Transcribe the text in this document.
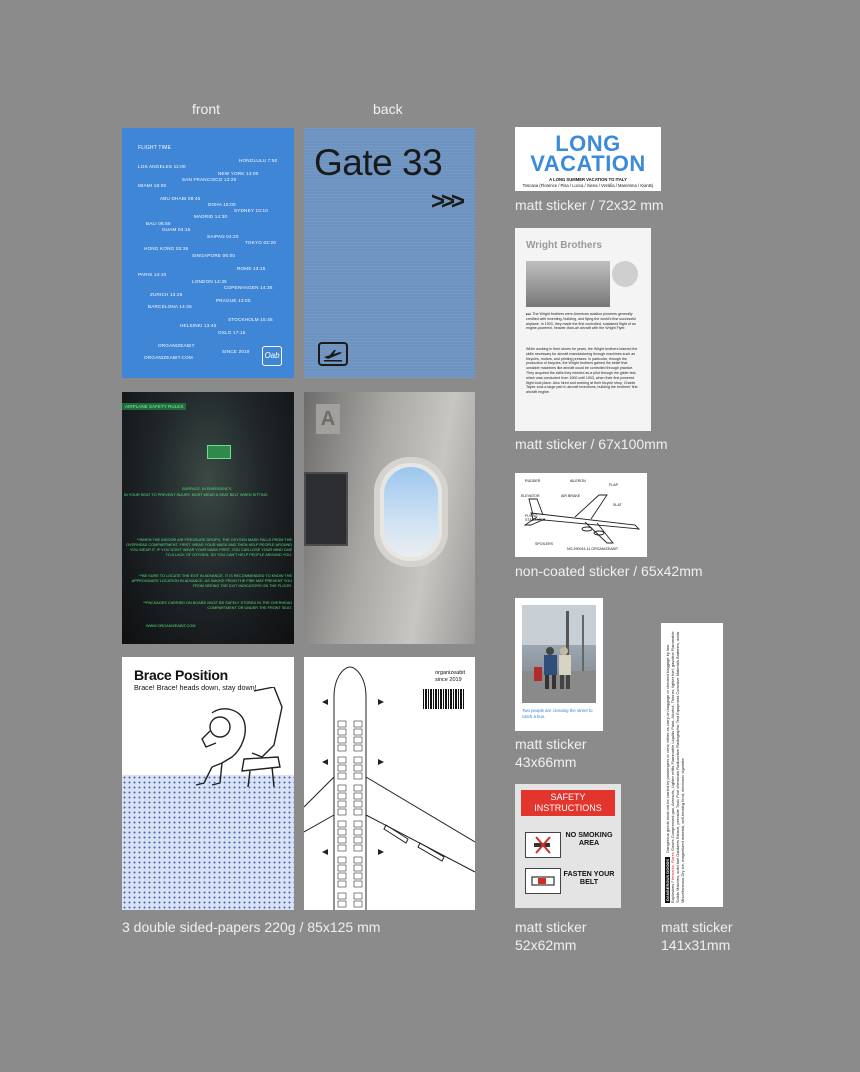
front	back
FLIGHT TIME
HONOLULU 7:50
LOS ANGELES 11:00
NEW YORK 14:00
SAN FRANCISCO 13:20
MIAMI 16:00
ABU DHABI 09:45
DOHA 15:00
SYDNEY 10:10
MADRID 14:30
BALI 06:55
GUAM 04:15
SAIPAN 04:20
TOKYO 02:20
HONG KONG 03:35
SINGAPORE 06:00
ROME 13:15
PARIS 14:10
LONDON 14:35
COPENHAGEN 14:35
ZURICH 13:25
PRAGUE 13:00
BARCELONA 14:25
STOCKHOLM 15:45
HELSINKI 13:40
OSLO 17:15
ORGANIZEABIT
SINCE 2019
ORGANIZEABIT.COM	Oab
Gate 33
>>>
AIRPLANE SAFETY RULES
SURFACE. IN EMERGENCY,
IN YOUR SEAT TO PREVENT INJURY. MUST WEAR A SEAT BELT WHEN SITTING
**WHEN THE INDOOR AIR PRESSURE DROPS, THE OXYGEN MASK FALLS FROM THE OVERHEAD COMPARTMENT. FIRST, WEAR YOUR MASK AND THEN HELP PEOPLE AROUND YOU WEAR IT. IF YOU DON'T WEAR YOUR MASK FIRST, YOU CAN LOSE YOUR MIND DUE TO A LACK OF OXYGEN, SO YOU CAN'T HELP PEOPLE AROUND YOU.
**BE SURE TO LOCATE THE EXIT IN ADVANCE. IT IS RECOMMENDED TO KNOW THE APPROXIMATE LOCATION IN ADVANCE, AS SMOKE FROM THE FIRE MAY PREVENT YOU FROM SEEING THE EXIT INDICATORS ON THE FLOOR.
**PACKAGES CARRIED ON BOARD MUST BE SAFELY STORED IN THE OVERHEAD COMPARTMENT OR UNDER THE FRONT SEAT.
WWW.ORGANIZEABIT.COM
A
Brace Position
Brace! Brace! heads down, stay down!
organizeabit
since 2019
3 double sided-papers 220g / 85x125 mm
LONG
VACATION
A LONG SUMMER VACATION TO ITALY
Toscana (Florence / Pisa / Lucca / Siena / Versilia / Maremma / Kiants)
matt sticker / 72x32 mm
Wright Brothers
▸▸▸ The Wright brothers were American aviation pioneers generally credited with inventing, building, and flying the world's first successful airplane. In 1903, they made the first controlled, sustained flight of an engine-powered, heavier-than-air aircraft with the Wright Flyer.
While working in their stores for years, the Wright brothers learned the skills necessary for aircraft manufacturing through machines such as bicycles, motors, and printing presses. In particular, through the production of bicycles, the Wright brothers gained the belief that unstable machines like aircraft could be controlled through practice. They acquired the skills they needed as a pilot through the glider test, which was conducted from 1900 until 1903, when their first powered flight took place. Also hired and working at their bicycle shop, Charlie Taylor took a large part in aircraft inventions, building the brothers' first aircraft engine.
matt sticker / 67x100mm
RUDDER	AILERON
ELEVATOR	AIR BRAKE
FLAP
SLAT
FLYING STABILIZER
SPOILERS
NO.290043-11 ORGANIZEABIT
non-coated sticker / 65x42mm
Two people are crossing the street to catch a bus.
matt sticker
43x66mm
SAFETY
INSTRUCTIONS
NO SMOKING AREA
FASTEN YOUR BELT
matt sticker
52x62mm
DANGEROUS GOODS Dangerous goods must not be carried by passengers or crew, either as carry-on baggage or checked baggage by law. Explosives Fireworks, Flares Gases Compressed gas, Aerosols, Lighter refills Flammable Liquids Paint, Alcohol, Thinner, lighter fuel, gasoline Flammable Solids Matches, solid fuel Oxidizers Bleach, peroxide Toxic Pool chemicals Radioactive Radiographic Test Equipment Corrosive Materials Batteries, acids Miscellaneous Dry ice, magnetized material, self-heating food, electronic cigarette
matt sticker
141x31mm
